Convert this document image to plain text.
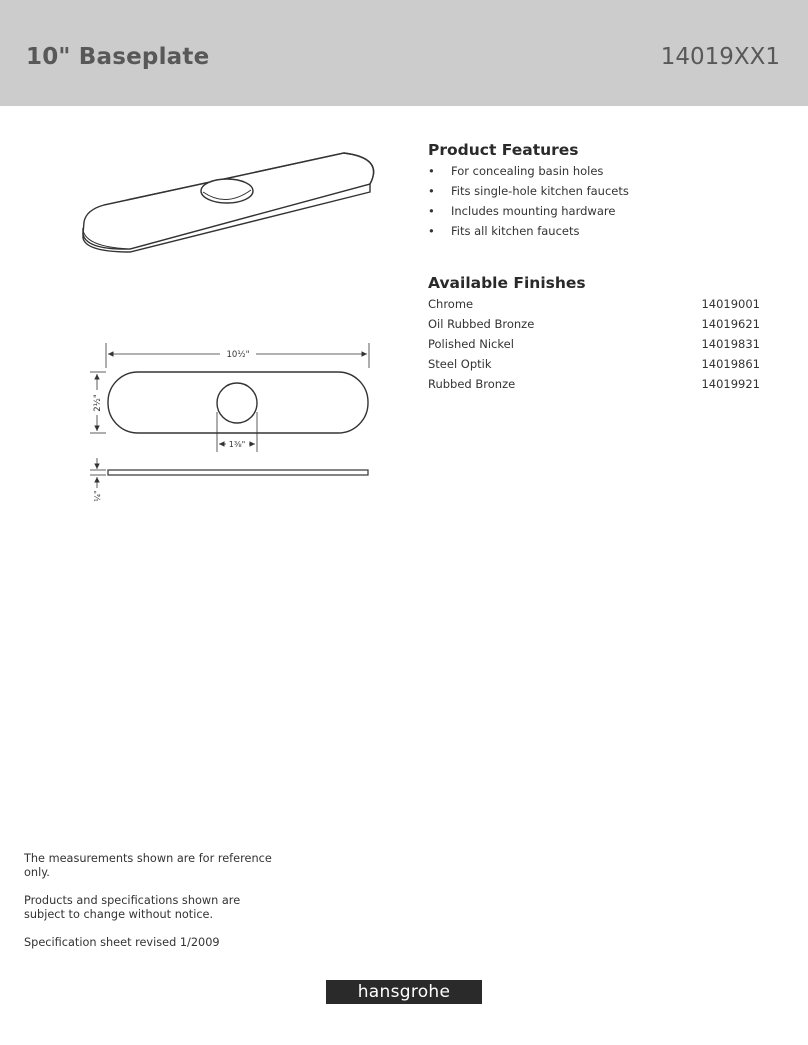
10" Baseplate	14019XX1
10½"
2½"
1⅜"
¼"
Product Features
• For concealing basin holes
• Fits single-hole kitchen faucets
• Includes mounting hardware
• Fits all kitchen faucets
Available Finishes
Chrome	14019001
Oil Rubbed Bronze	14019621
Polished Nickel	14019831
Steel Optik	14019861
Rubbed Bronze	14019921

The measurements shown are for reference only.

Products and specifications shown are subject to change without notice.

Specification sheet revised 1/2009

hansgrohe
